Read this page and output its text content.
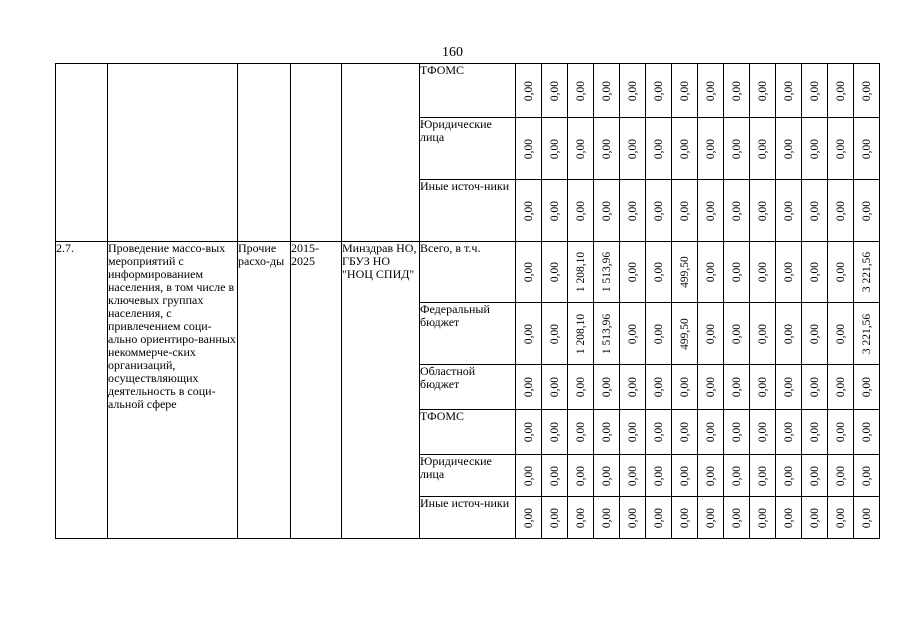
160
					ТФОМС	0,00	0,00	0,00	0,00	0,00	0,00	0,00	0,00	0,00	0,00	0,00	0,00	0,00	0,00

					Юридические лица	0,00	0,00	0,00	0,00	0,00	0,00	0,00	0,00	0,00	0,00	0,00	0,00	0,00	0,00

					Иные источ-ники	0,00	0,00	0,00	0,00	0,00	0,00	0,00	0,00	0,00	0,00	0,00	0,00	0,00	0,00

2.7.	Проведение массо-вых мероприятий с информированием населения, в том числе в ключевых группах населения, с привлечением соци-ально ориентиро-ванных некоммерче-ских организаций, осуществляющих деятельность в соци-альной сфере	Прочие расхо-ды	2015-2025	Минздрав НО, ГБУЗ НО "НОЦ СПИД"	Всего, в т.ч.	0,00	0,00	1 208,10	1 513,96	0,00	0,00	499,50	0,00	0,00	0,00	0,00	0,00	0,00	3 221,56

					Федеральный бюджет	0,00	0,00	1 208,10	1 513,96	0,00	0,00	499,50	0,00	0,00	0,00	0,00	0,00	0,00	3 221,56

					Областной бюджет	0,00	0,00	0,00	0,00	0,00	0,00	0,00	0,00	0,00	0,00	0,00	0,00	0,00	0,00

					ТФОМС	0,00	0,00	0,00	0,00	0,00	0,00	0,00	0,00	0,00	0,00	0,00	0,00	0,00	0,00

					Юридические лица	0,00	0,00	0,00	0,00	0,00	0,00	0,00	0,00	0,00	0,00	0,00	0,00	0,00	0,00

					Иные источ-ники	0,00	0,00	0,00	0,00	0,00	0,00	0,00	0,00	0,00	0,00	0,00	0,00	0,00	0,00
